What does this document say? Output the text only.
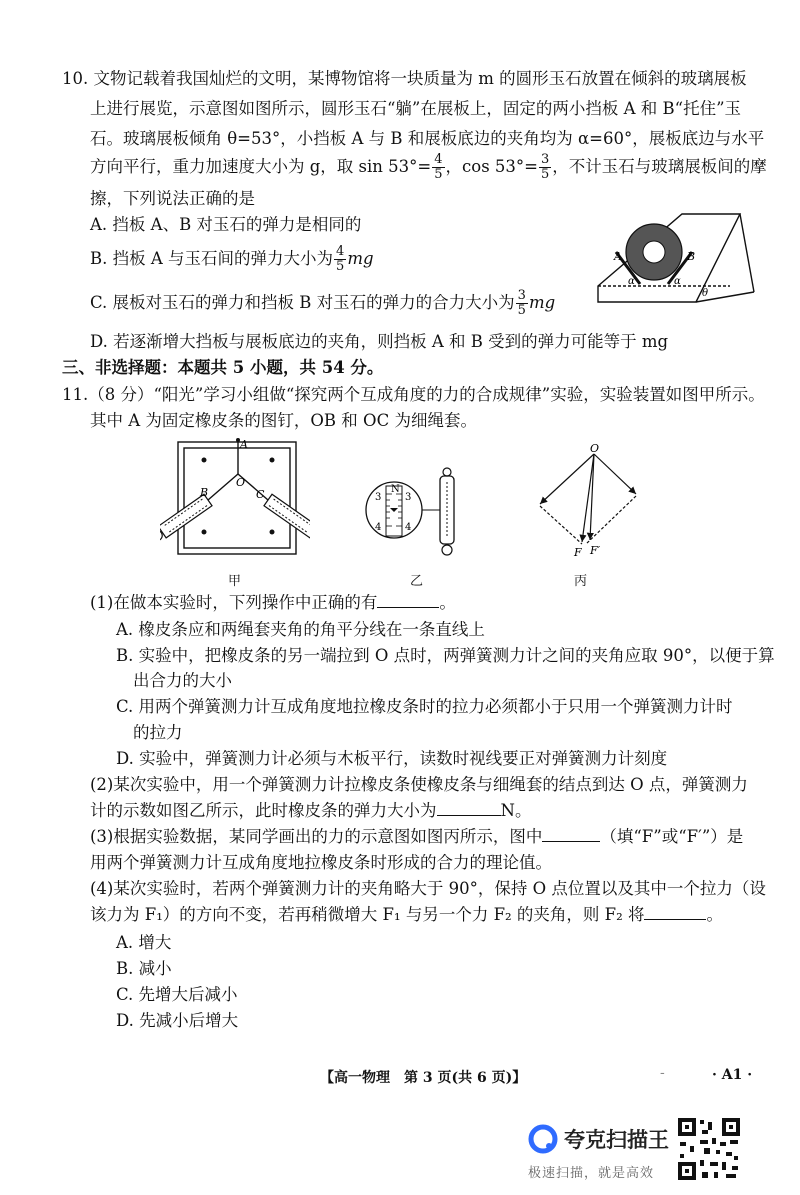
10. 文物记载着我国灿烂的文明，某博物馆将一块质量为 m 的圆形玉石放置在倾斜的玻璃展板
上进行展览，示意图如图所示，圆形玉石“躺”在展板上，固定的两小挡板 A 和 B“托住”玉
石。玻璃展板倾角 θ=53°，小挡板 A 与 B 和展板底边的夹角均为 α=60°，展板底边与水平
方向平行，重力加速度大小为 g，取 $\sin 53^\circ= \frac{4}{5}$ ，$\cos 53^\circ= \frac{3}{5}$ ，不计玉石与玻璃展板间的摩
擦，下列说法正确的是
A. 挡板 A、B 对玉石的弹力是相同的
B. 挡板 A 与玉石间的弹力大小为 $\frac{4}{5}$ mg
C. 展板对玉石的弹力和挡板 B 对玉石的弹力的合力大小为 $\frac{3}{5}$ mg
D. 若逐渐增大挡板与展板底边的夹角，则挡板 A 和 B 受到的弹力可能等于 mg
A	B
α	α
θ
三、非选择题：本题共 5 小题，共 54 分。
11.（8 分）“阳光”学习小组做“探究两个互成角度的力的合成规律”实验，实验装置如图甲所示。
其中 A 为固定橡皮条的图钉，OB 和 OC 为细绳套。
A
O
B	C
甲
N
3 3
4 4
乙
O
F F′
丙
(1)在做本实验时，下列操作中正确的有	。
A. 橡皮条应和两绳套夹角的角平分线在一条直线上
B. 实验中，把橡皮条的另一端拉到 O 点时，两弹簧测力计之间的夹角应取 90°，以便于算
出合力的大小
C. 用两个弹簧测力计互成角度地拉橡皮条时的拉力必须都小于只用一个弹簧测力计时
的拉力
D. 实验中，弹簧测力计必须与木板平行，读数时视线要正对弹簧测力计刻度
(2)某次实验中，用一个弹簧测力计拉橡皮条使橡皮条与细绳套的结点到达 O 点，弹簧测力
计的示数如图乙所示，此时橡皮条的弹力大小为	N。
(3)根据实验数据，某同学画出的力的示意图如图丙所示，图中	（填“F”或“F′”）是
用两个弹簧测力计互成角度地拉橡皮条时形成的合力的理论值。
(4)某次实验时，若两个弹簧测力计的夹角略大于 90°，保持 O 点位置以及其中一个拉力（设
该力为 F₁）的方向不变，若再稍微增大 F₁ 与另一个力 F₂ 的夹角，则 F₂ 将	。
A. 增大
B. 减小
C. 先增大后减小
D. 先减小后增大
【高一物理　第 3 页(共 6 页)】	-	· A1 ·
夸克扫描王
极速扫描，就是高效
